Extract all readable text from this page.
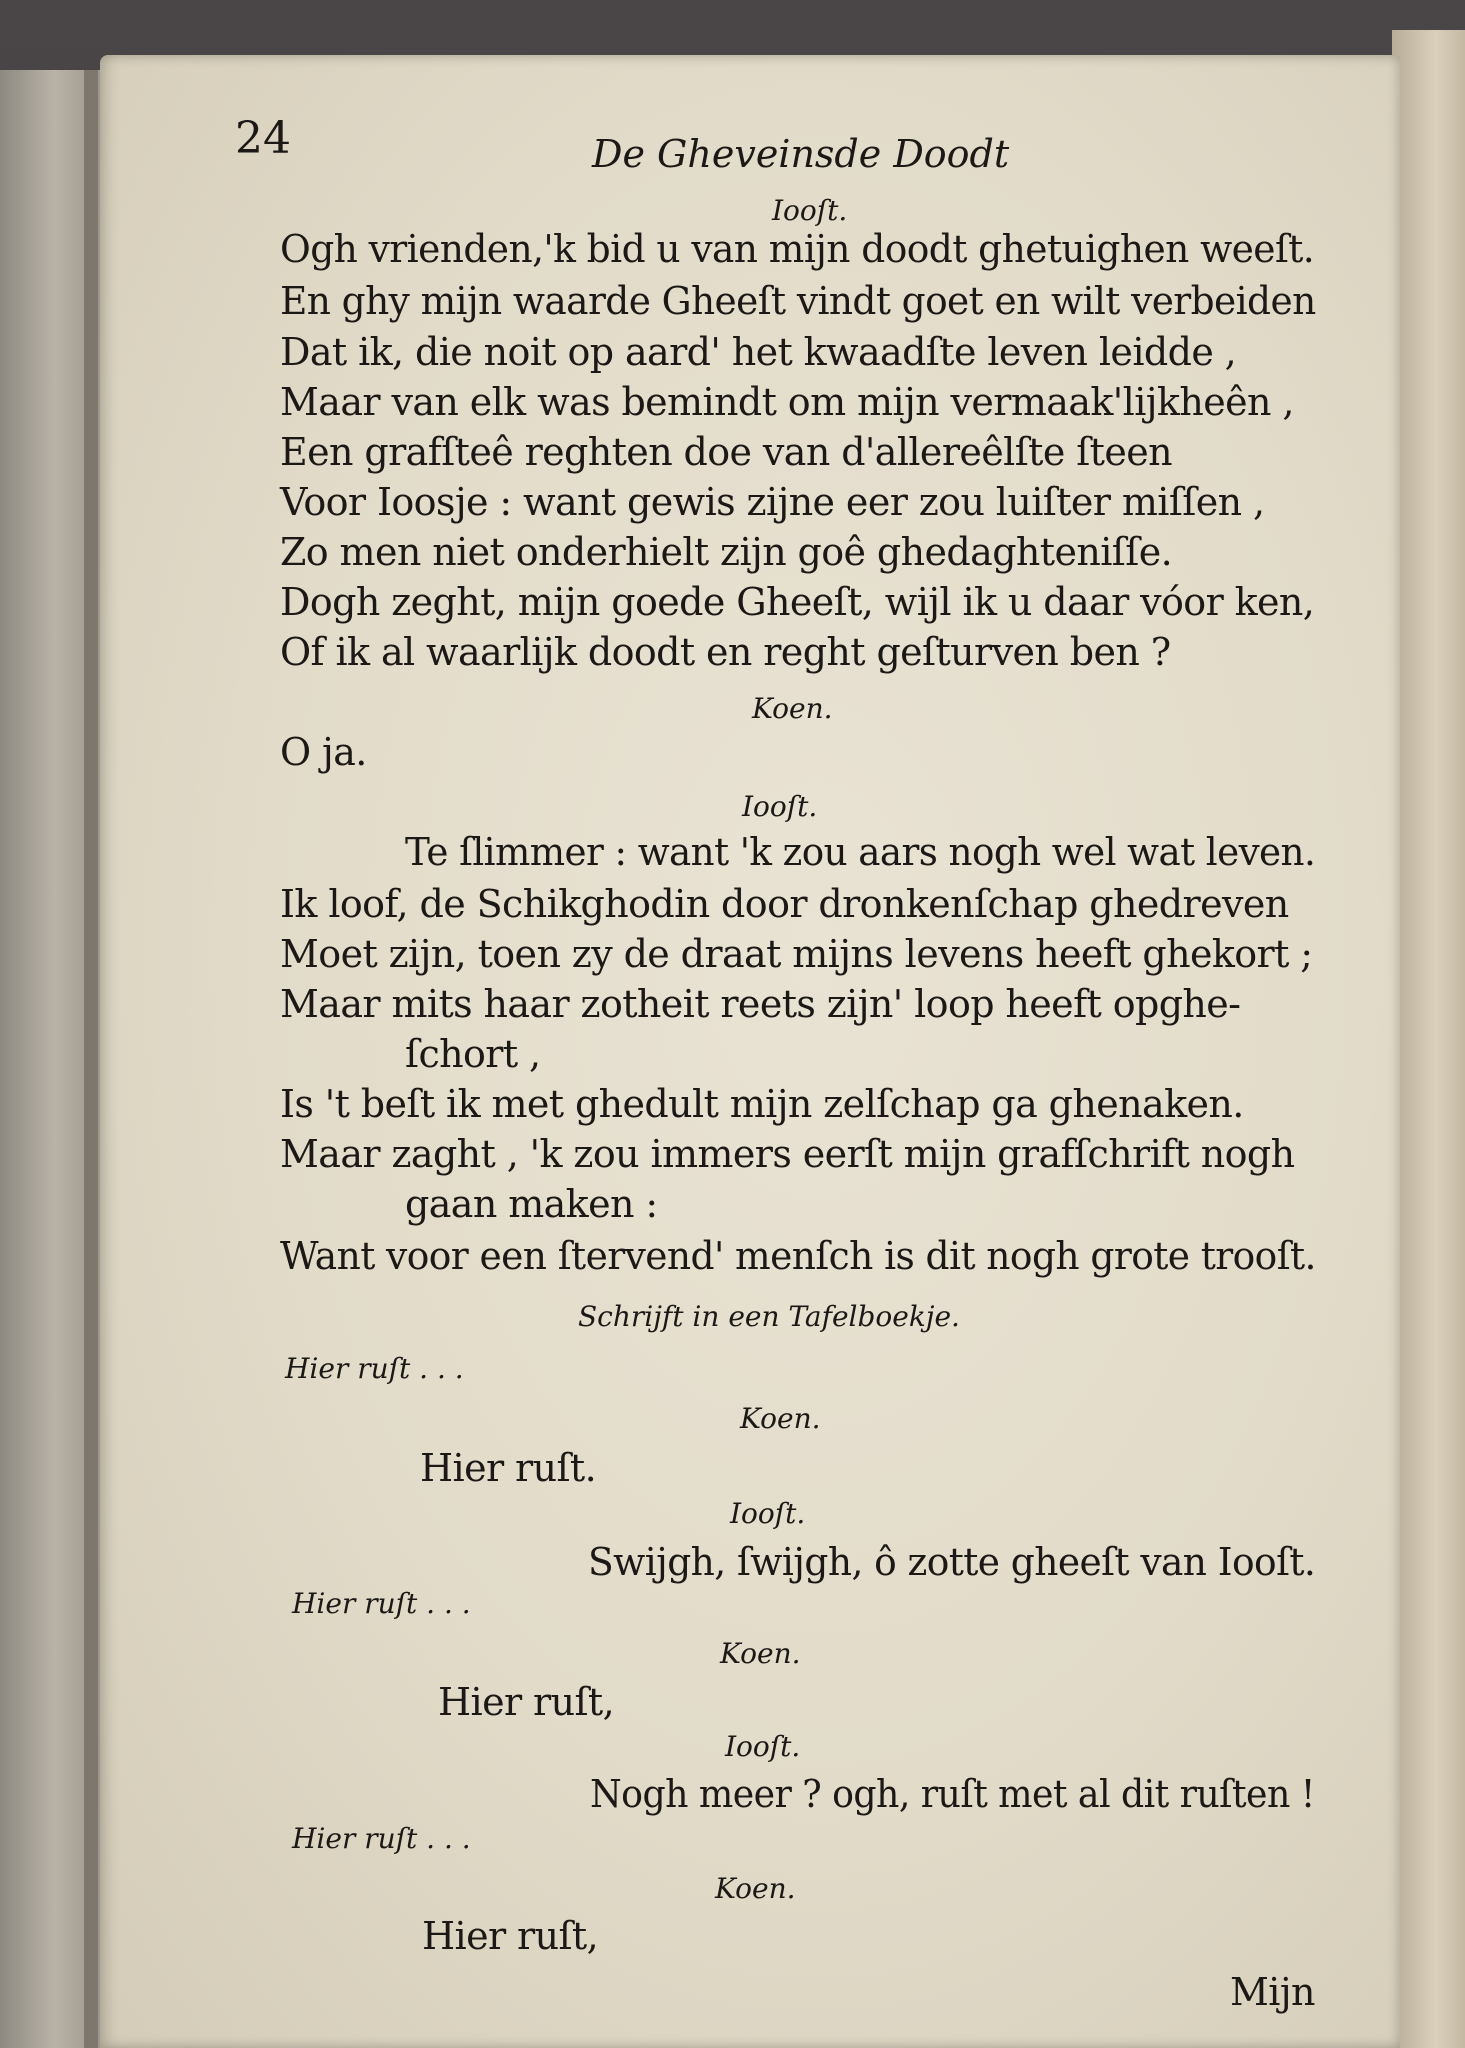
24	De Gheveinsde Doodt
Iooſt.
Ogh vrienden,'k bid u van mijn doodt ghetuighen weeſt.
En ghy mijn waarde Gheeſt vindt goet en wilt verbeiden
Dat ik, die noit op aard' het kwaadſte leven leidde ,
Maar van elk was bemindt om mijn vermaak'lijkheên ,
Een grafſteê reghten doe van d'allereêlſte ſteen
Voor Ioosje : want gewis zijne eer zou luiſter miſſen ,
Zo men niet onderhielt zijn goê ghedaghteniſſe.
Dogh zeght, mijn goede Gheeſt, wijl ik u daar vóor ken,
Of ik al waarlijk doodt en reght geſturven ben ?
Koen.
O ja.
Iooſt.
Te ſlimmer : want 'k zou aars nogh wel wat leven.
Ik loof, de Schikghodin door dronkenſchap ghedreven
Moet zijn, toen zy de draat mijns levens heeft ghekort ;
Maar mits haar zotheit reets zijn' loop heeft opghe-
ſchort ,
Is 't beſt ik met ghedult mijn zelſchap ga ghenaken.
Maar zaght , 'k zou immers eerſt mijn grafſchrift nogh
gaan maken :
Want voor een ſtervend' menſch is dit nogh grote trooſt.
Schrijft in een Tafelboekje.
Hier ruſt . . .
Koen.
Hier ruſt.
Iooſt.
Swijgh, ſwijgh, ô zotte gheeſt van Iooſt.
Hier ruſt . . .
Koen.
Hier ruſt,
Iooſt.
Nogh meer ? ogh, ruſt met al dit ruſten !
Hier ruſt . . .
Koen.
Hier ruſt,
Mijn
